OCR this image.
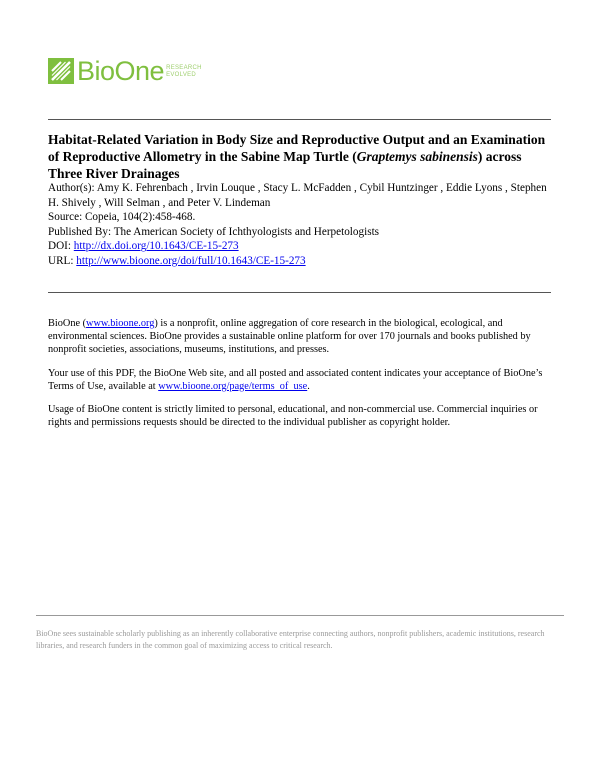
BioOne RESEARCH
EVOLVED
Habitat-Related Variation in Body Size and Reproductive Output and an Examination of Reproductive Allometry in the Sabine Map Turtle (Graptemys sabinensis) across Three River Drainages
Author(s): Amy K. Fehrenbach , Irvin Louque , Stacy L. McFadden , Cybil Huntzinger , Eddie Lyons , Stephen H. Shively , Will Selman , and Peter V. Lindeman
Source: Copeia, 104(2):458-468.
Published By: The American Society of Ichthyologists and Herpetologists
DOI: http://dx.doi.org/10.1643/CE-15-273
URL: http://www.bioone.org/doi/full/10.1643/CE-15-273

BioOne (www.bioone.org) is a nonprofit, online aggregation of core research in the biological, ecological, and environmental sciences. BioOne provides a sustainable online platform for over 170 journals and books published by nonprofit societies, associations, museums, institutions, and presses.

Your use of this PDF, the BioOne Web site, and all posted and associated content indicates your acceptance of BioOne’s Terms of Use, available at www.bioone.org/page/terms_of_use.

Usage of BioOne content is strictly limited to personal, educational, and non-commercial use. Commercial inquiries or rights and permissions requests should be directed to the individual publisher as copyright holder.

BioOne sees sustainable scholarly publishing as an inherently collaborative enterprise connecting authors, nonprofit publishers, academic institutions, research libraries, and research funders in the common goal of maximizing access to critical research.
